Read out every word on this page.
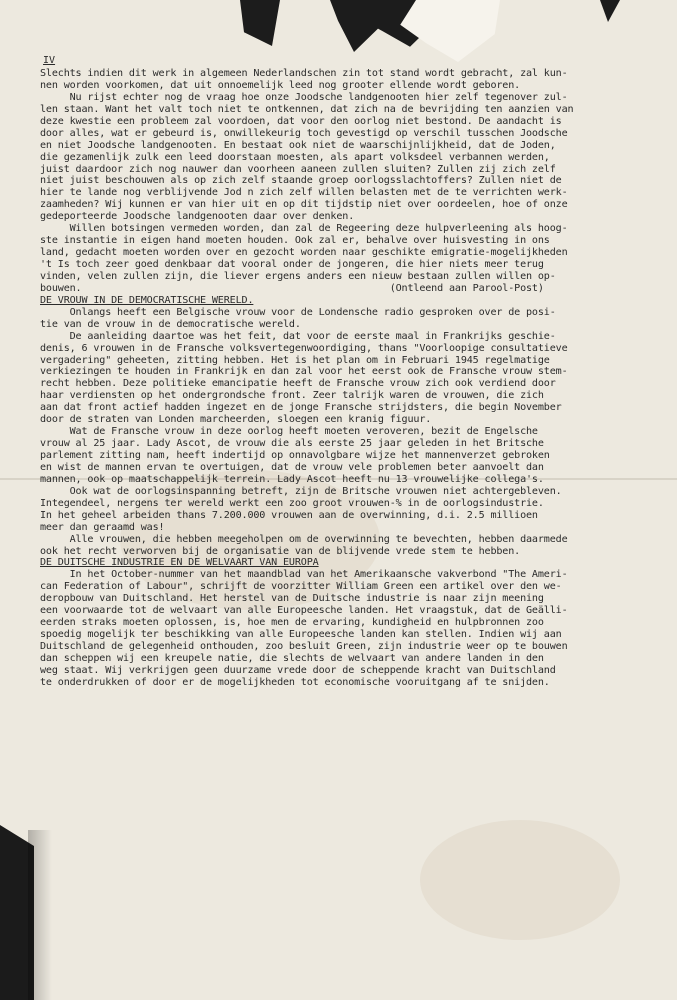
IV
Slechts indien dit werk in algemeen Nederlandschen zin tot stand wordt gebracht, zal kun-
nen worden voorkomen, dat uit onnoemelijk leed nog grooter ellende wordt geboren.
Nu rijst echter nog de vraag hoe onze Joodsche landgenooten hier zelf tegenover zul-
len staan. Want het valt toch niet te ontkennen, dat zich na de bevrijding ten aanzien van
deze kwestie een probleem zal voordoen, dat voor den oorlog niet bestond. De aandacht is
door alles, wat er gebeurd is, onwillekeurig toch gevestigd op verschil tusschen Joodsche
en niet Joodsche landgenooten. En bestaat ook niet de waarschijnlijkheid, dat de Joden,
die gezamenlijk zulk een leed doorstaan moesten, als apart volksdeel verbannen werden,
juist daardoor zich nog nauwer dan voorheen aaneen zullen sluiten? Zullen zij zich zelf
niet juist beschouwen als op zich zelf staande groep oorlogsslachtoffers? Zullen niet de
hier te lande nog verblijvende Jod n zich zelf willen belasten met de te verrichten werk-
zaamheden? Wij kunnen er van hier uit en op dit tijdstip niet over oordeelen, hoe of onze
gedeporteerde Joodsche landgenooten daar over denken.
Willen botsingen vermeden worden, dan zal de Regeering deze hulpverleening als hoog-
ste instantie in eigen hand moeten houden. Ook zal er, behalve over huisvesting in ons
land, gedacht moeten worden over en gezocht worden naar geschikte emigratie-mogelijkheden
't Is toch zeer goed denkbaar dat vooral onder de jongeren, die hier niets meer terug
vinden, velen zullen zijn, die liever ergens anders een nieuw bestaan zullen willen op-
bouwen.                                                    (Ontleend aan Parool-Post)
DE VROUW IN DE DEMOCRATISCHE WERELD.
Onlangs heeft een Belgische vrouw voor de Londensche radio gesproken over de posi-
tie van de vrouw in de democratische wereld.
De aanleiding daartoe was het feit, dat voor de eerste maal in Frankrijks geschie-
denis, 6 vrouwen in de Fransche volksvertegenwoordiging, thans "Voorloopige consultatieve
vergadering" geheeten, zitting hebben. Het is het plan om in Februari 1945 regelmatige
verkiezingen te houden in Frankrijk en dan zal voor het eerst ook de Fransche vrouw stem-
recht hebben. Deze politieke emancipatie heeft de Fransche vrouw zich ook verdiend door
haar verdiensten op het ondergrondsche front. Zeer talrijk waren de vrouwen, die zich
aan dat front actief hadden ingezet en de jonge Fransche strijdsters, die begin November
door de straten van Londen marcheerden, sloegen een kranig figuur.
Wat de Fransche vrouw in deze oorlog heeft moeten veroveren, bezit de Engelsche
vrouw al 25 jaar. Lady Ascot, de vrouw die als eerste 25 jaar geleden in het Britsche
parlement zitting nam, heeft indertijd op onnavolgbare wijze het mannenverzet gebroken
en wist de mannen ervan te overtuigen, dat de vrouw vele problemen beter aanvoelt dan
mannen, ook op maatschappelijk terrein. Lady Ascot heeft nu 13 vrouwelijke collega's.
Ook wat de oorlogsinspanning betreft, zijn de Britsche vrouwen niet achtergebleven.
Integendeel, nergens ter wereld werkt een zoo groot vrouwen-% in de oorlogsindustrie.
In het geheel arbeiden thans 7.200.000 vrouwen aan de overwinning, d.i. 2.5 millioen
meer dan geraamd was!
Alle vrouwen, die hebben meegeholpen om de overwinning te bevechten, hebben daarmede
ook het recht verworven bij de organisatie van de blijvende vrede stem te hebben.
DE DUITSCHE INDUSTRIE EN DE WELVAART VAN EUROPA
In het October-nummer van het maandblad van het Amerikaansche vakverbond "The Ameri-
can Federation of Labour", schrijft de voorzitter William Green een artikel over den we-
deropbouw van Duitschland. Het herstel van de Duitsche industrie is naar zijn meening
een voorwaarde tot de welvaart van alle Europeesche landen. Het vraagstuk, dat de Geälli-
eerden straks moeten oplossen, is, hoe men de ervaring, kundigheid en hulpbronnen zoo
spoedig mogelijk ter beschikking van alle Europeesche landen kan stellen. Indien wij aan
Duitschland de gelegenheid onthouden, zoo besluit Green, zijn industrie weer op te bouwen
dan scheppen wij een kreupele natie, die slechts de welvaart van andere landen in den
weg staat. Wij verkrijgen geen duurzame vrede door de scheppende kracht van Duitschland
te onderdrukken of door er de mogelijkheden tot economische vooruitgang af te snijden.
